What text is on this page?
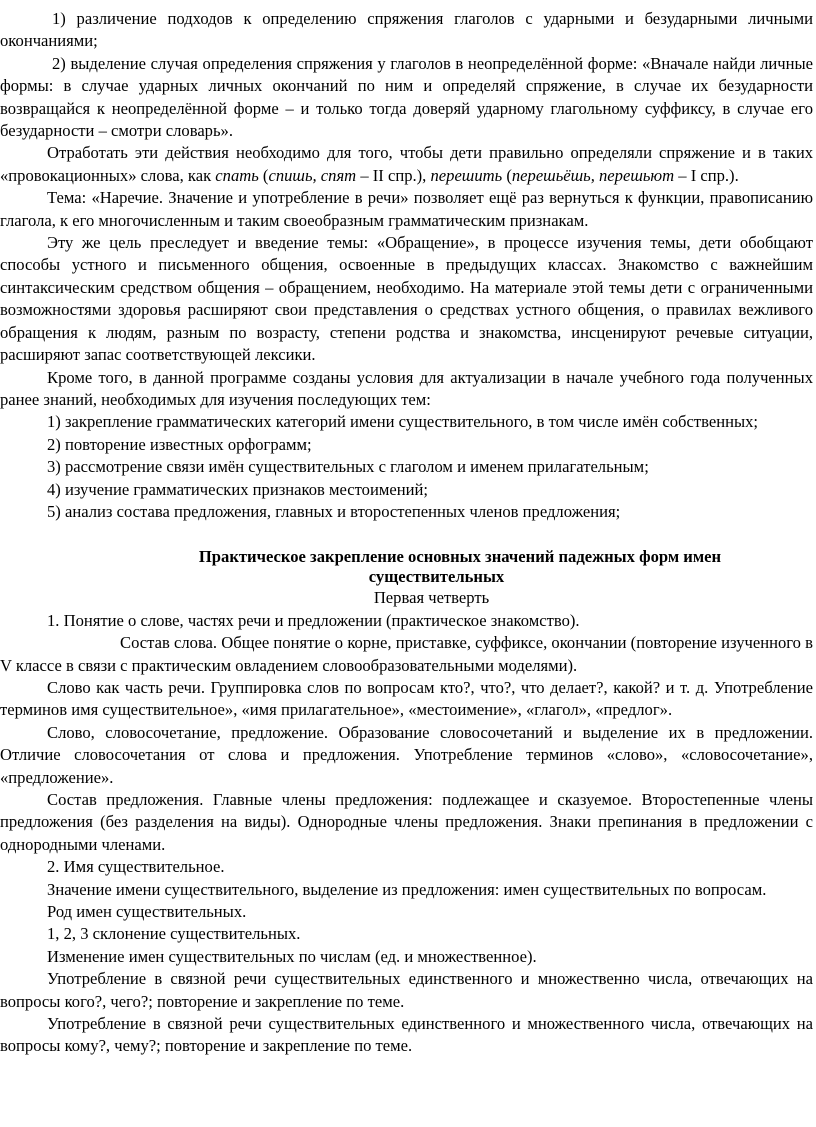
1) различение подходов к определению спряжения глаголов с ударными и безударными личными окончаниями;

2) выделение случая определения спряжения у глаголов в неопределённой форме: «Вначале найди личные формы: в случае ударных личных окончаний по ним и определяй спряжение, в случае их безударности возвращайся к неопределённой форме – и только тогда доверяй ударному глагольному суффиксу, в случае его безударности – смотри словарь».

Отработать эти действия необходимо для того, чтобы дети правильно определяли спряжение и в таких «провокационных» слова, как спать (спишь, спят – II спр.), перешить (перешьёшь, перешьют – I спр.).

Тема: «Наречие. Значение и употребление в речи» позволяет ещё раз вернуться к функции, правописанию глагола, к его многочисленным и таким своеобразным грамматическим признакам.

Эту же цель преследует и введение темы: «Обращение», в процессе изучения темы, дети обобщают способы устного и письменного общения, освоенные в предыдущих классах. Знакомство с важнейшим синтаксическим средством общения – обращением, необходимо. На материале этой темы дети с ограниченными возможностями здоровья расширяют свои представления о средствах устного общения, о правилах вежливого обращения к людям, разным по возрасту, степени родства и знакомства, инсценируют речевые ситуации, расширяют запас соответствующей лексики.

Кроме того, в данной программе созданы условия для актуализации в начале учебного года полученных ранее знаний, необходимых для изучения последующих тем:

1) закрепление грамматических категорий имени существительного, в том числе имён собственных;

2) повторение известных орфограмм;

3) рассмотрение связи имён существительных с глаголом и именем прилагательным;

4) изучение грамматических признаков местоимений;

5) анализ состава предложения, главных и второстепенных членов предложения;

Практическое закрепление основных значений падежных форм имен существительных

Первая четверть

1. Понятие о слове, частях речи и предложении (практическое знакомство).

Состав слова. Общее понятие о корне, приставке, суффиксе, окончании (повторение изученного в V классе в связи с практическим овладением словообразовательными моделями).

Слово как часть речи. Группировка слов по вопросам кто?, что?, что делает?, какой? и т. д. Употребление терминов имя существительное», «имя прилагательное», «местоимение», «глагол», «предлог».

Слово, словосочетание, предложение. Образование словосочетаний и выделение их в предложении. Отличие словосочетания от слова и предложения. Употребление терминов «слово», «словосочетание», «предложение».

Состав предложения. Главные члены предложения: подлежащее и сказуемое. Второстепенные члены предложения (без разделения на виды). Однородные члены предложения. Знаки препинания в предложении с однородными членами.

2. Имя существительное.

Значение имени существительного, выделение из предложения: имен существительных по вопросам.

Род имен существительных.

1, 2, 3 склонение существительных.

Изменение имен существительных по числам (ед. и множественное).

Употребление в связной речи существительных единственного и множественно числа, отвечающих на вопросы кого?, чего?; повторение и закрепление по теме.

Употребление в связной речи существительных единственного и множественного числа, отвечающих на вопросы кому?, чему?; повторение и закрепление по теме.
